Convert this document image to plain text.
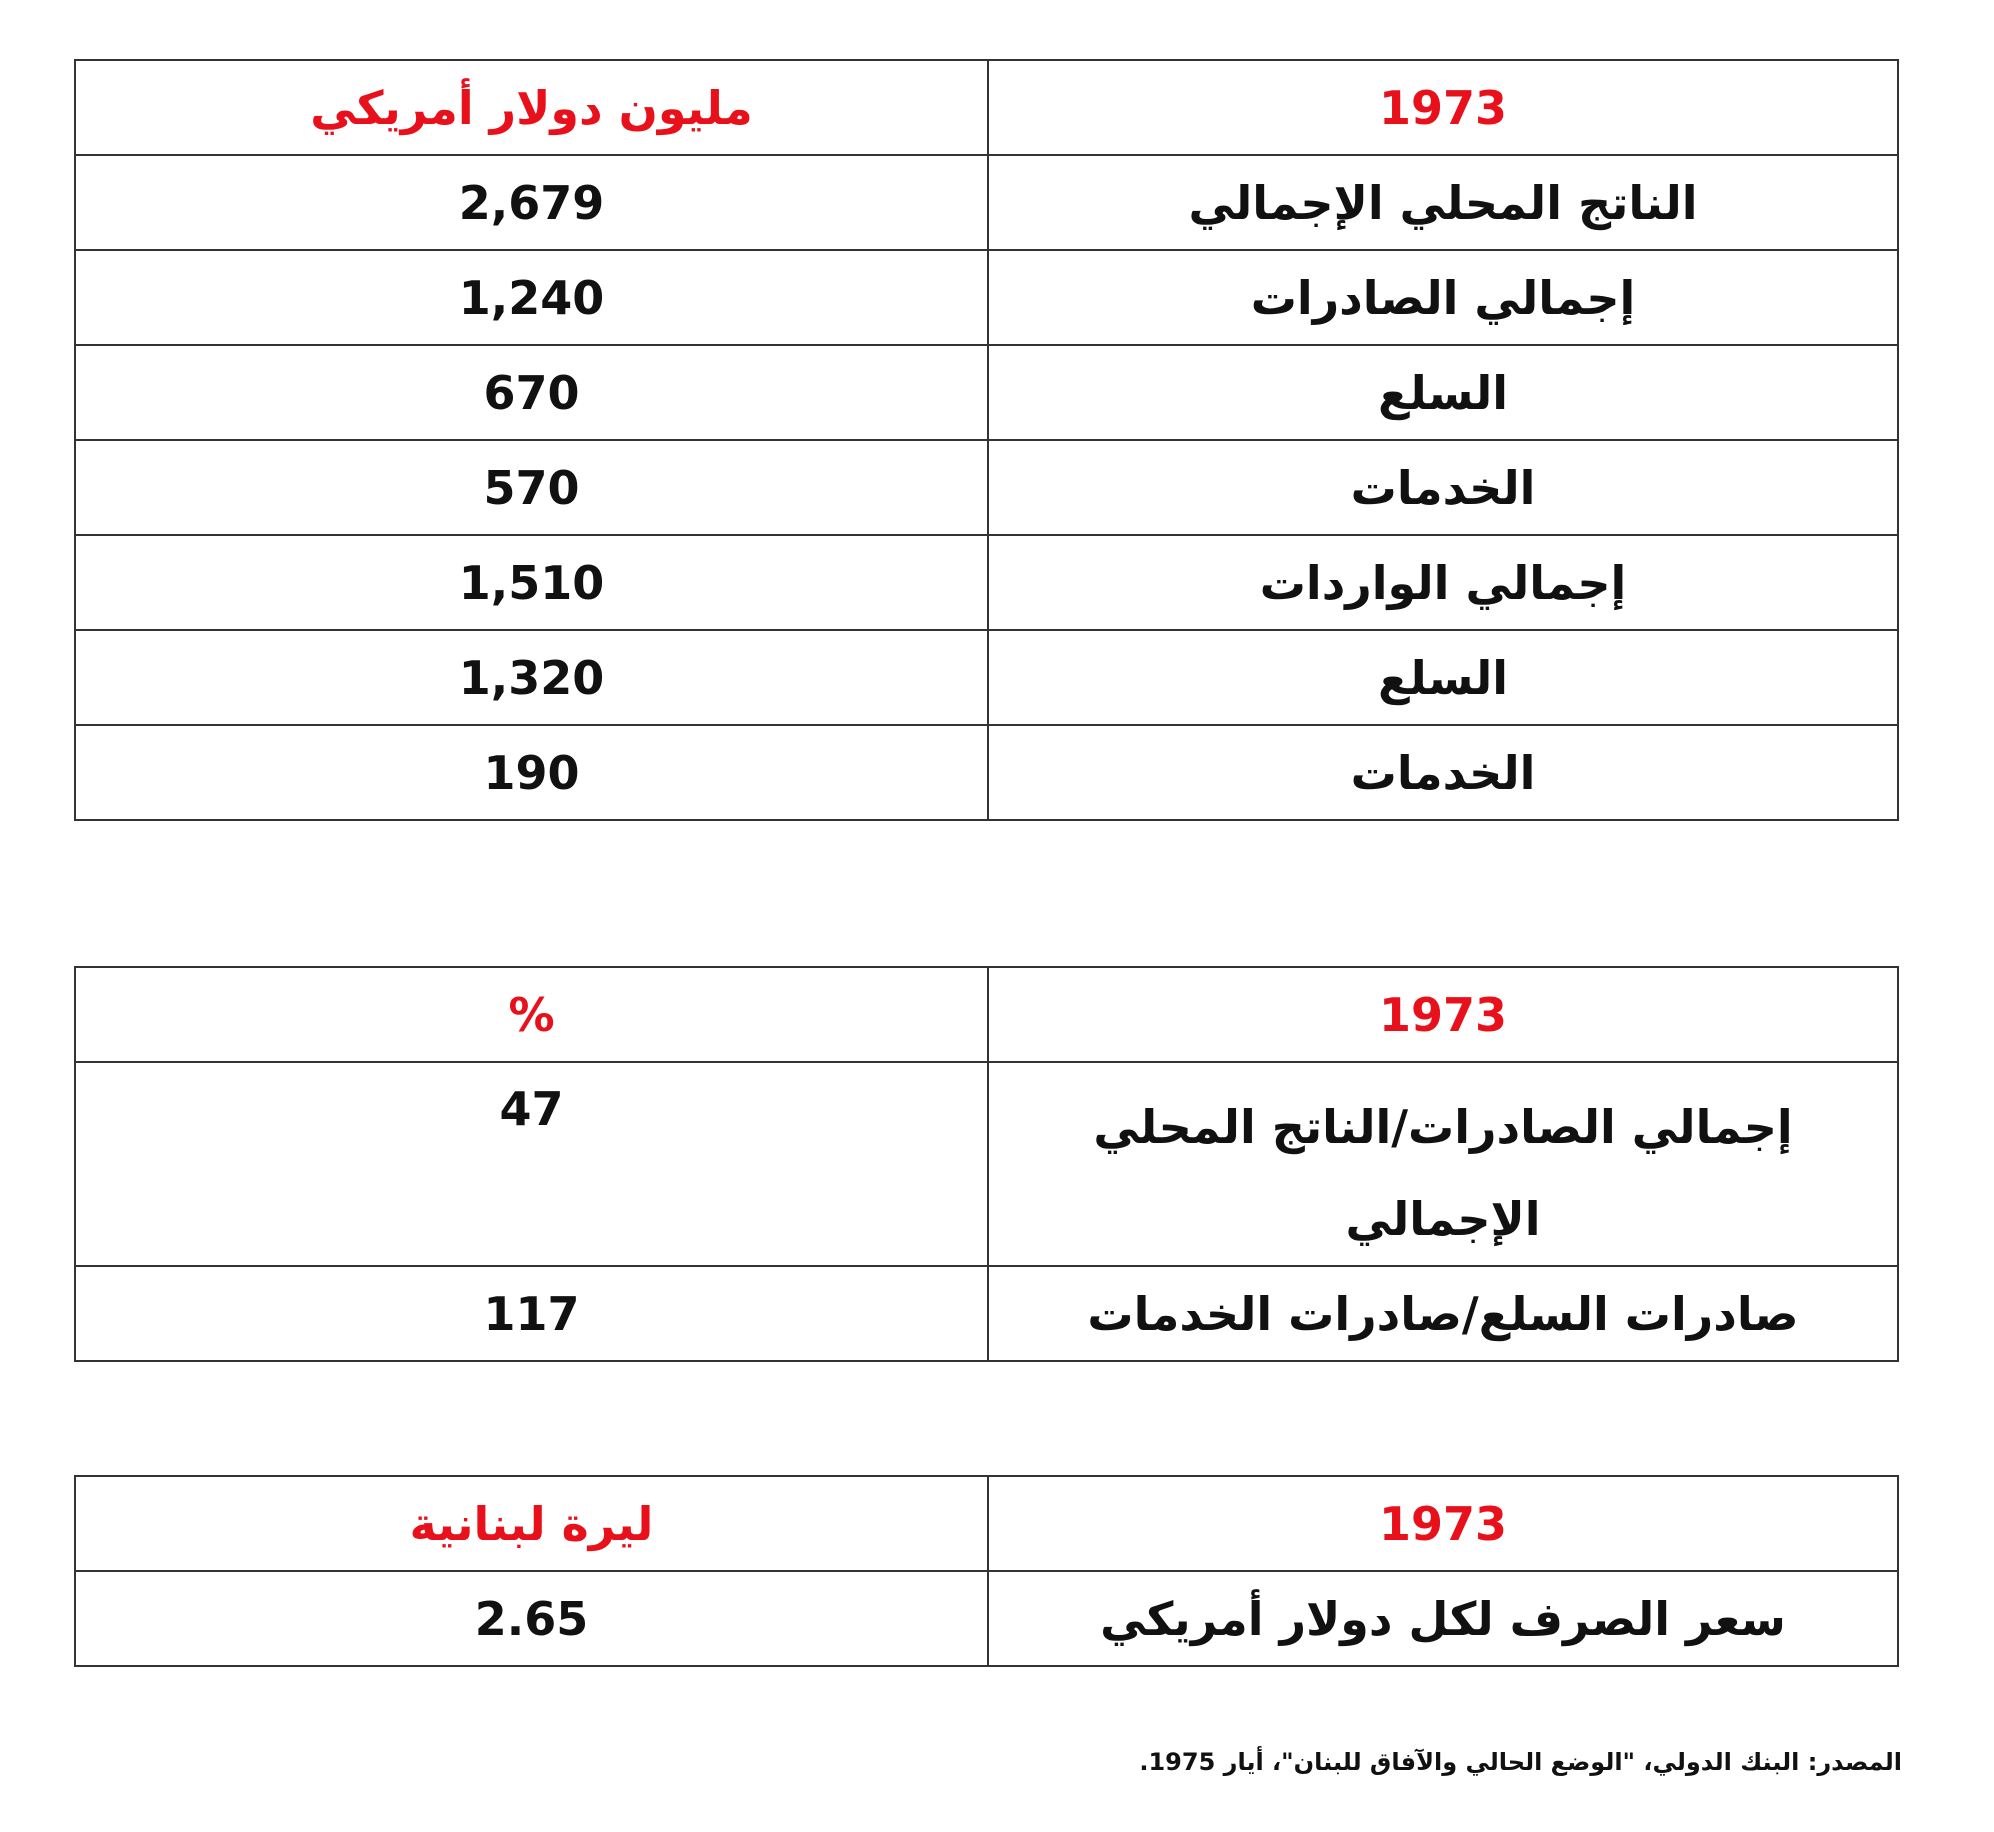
1973	مليون دولار أمريكي
الناتج المحلي الإجمالي	2,679
إجمالي الصادرات	1,240
السلع	670
الخدمات	570
إجمالي الواردات	1,510
السلع	1,320
الخدمات	190
1973	%
إجمالي الصادرات/الناتج المحلي الإجمالي	47
صادرات السلع/صادرات الخدمات	117
1973	ليرة لبنانية
سعر الصرف لكل دولار أمريكي	2.65
المصدر: البنك الدولي، "الوضع الحالي والآفاق للبنان"، أيار 1975.
